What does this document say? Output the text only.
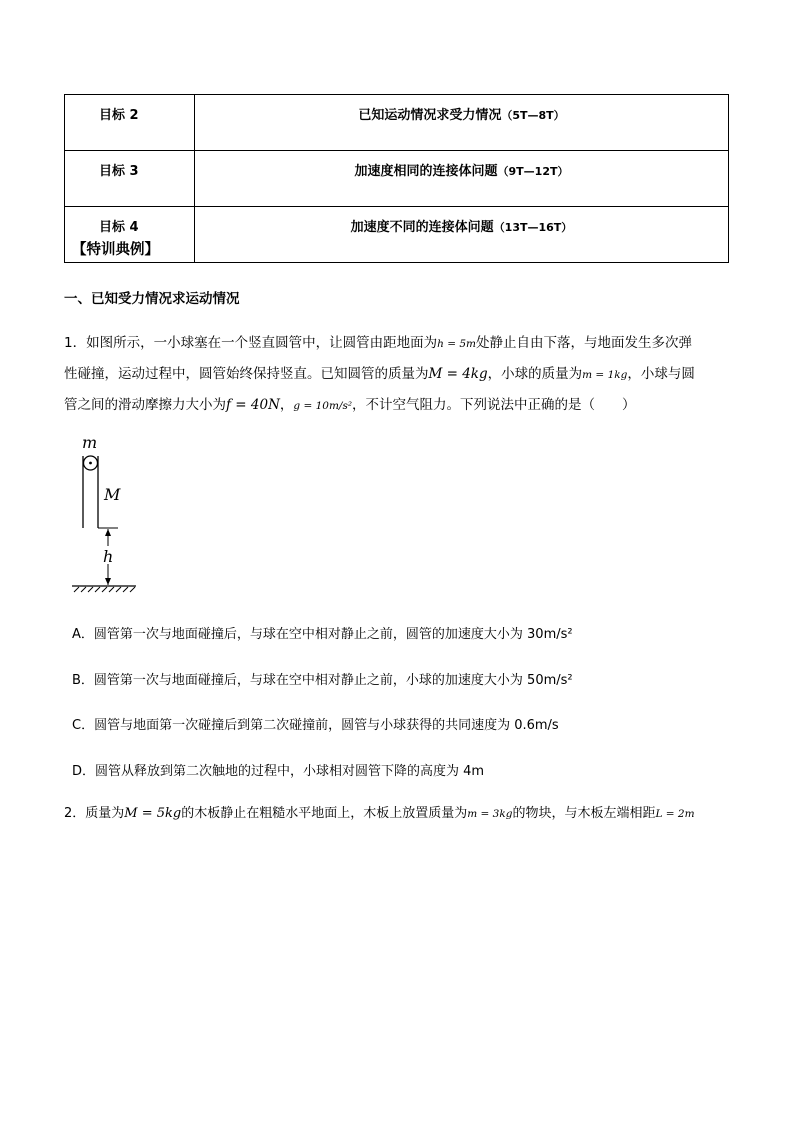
目标 2	已知运动情况求受力情况（5T—8T）
目标 3	加速度相同的连接体问题（9T—12T）
目标 4	加速度不同的连接体问题（13T—16T）
【特训典例】
一、已知受力情况求运动情况
1．如图所示，一小球塞在一个竖直圆管中，让圆管由距地面为h = 5m处静止自由下落，与地面发生多次弹
性碰撞，运动过程中，圆管始终保持竖直。已知圆管的质量为M = 4kg，小球的质量为m = 1kg，小球与圆
管之间的滑动摩擦力大小为f = 40N，g = 10m/s²，不计空气阻力。下列说法中正确的是（　　）
m
M
h
A．圆管第一次与地面碰撞后，与球在空中相对静止之前，圆管的加速度大小为 30m/s²
B．圆管第一次与地面碰撞后，与球在空中相对静止之前，小球的加速度大小为 50m/s²
C．圆管与地面第一次碰撞后到第二次碰撞前，圆管与小球获得的共同速度为 0.6m/s
D．圆管从释放到第二次触地的过程中，小球相对圆管下降的高度为 4m
2．质量为M = 5kg的木板静止在粗糙水平地面上，木板上放置质量为m = 3kg的物块，与木板左端相距L = 2m
